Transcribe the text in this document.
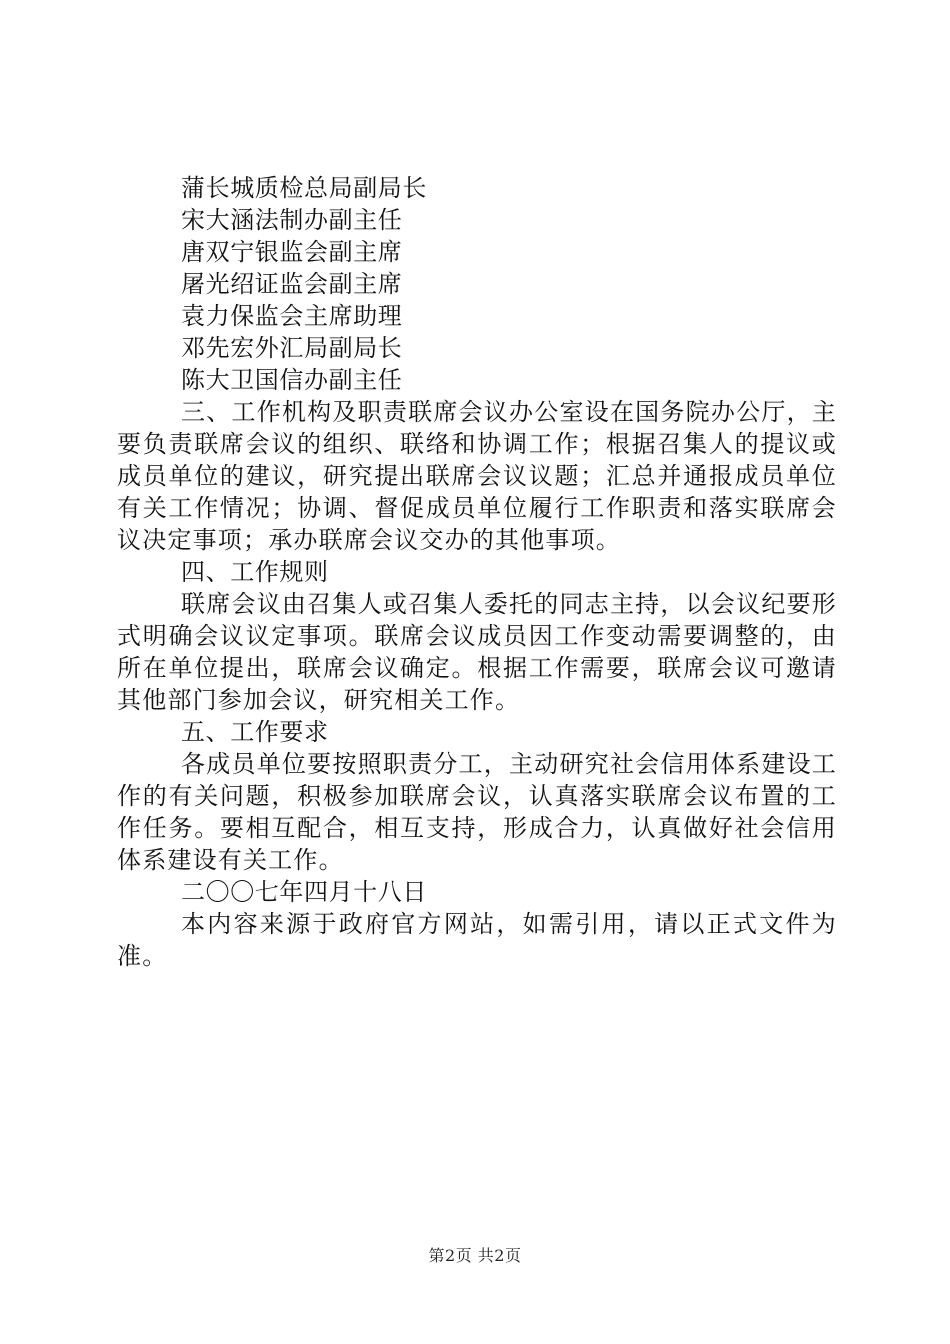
蒲长城质检总局副局长
宋大涵法制办副主任
唐双宁银监会副主席
屠光绍证监会副主席
袁力保监会主席助理
邓先宏外汇局副局长
陈大卫国信办副主任
三、工作机构及职责联席会议办公室设在国务院办公厅，主要负责联席会议的组织、联络和协调工作；根据召集人的提议或成员单位的建议，研究提出联席会议议题；汇总并通报成员单位有关工作情况；协调、督促成员单位履行工作职责和落实联席会议决定事项；承办联席会议交办的其他事项。
四、工作规则
联席会议由召集人或召集人委托的同志主持，以会议纪要形式明确会议议定事项。联席会议成员因工作变动需要调整的，由所在单位提出，联席会议确定。根据工作需要，联席会议可邀请其他部门参加会议，研究相关工作。
五、工作要求
各成员单位要按照职责分工，主动研究社会信用体系建设工作的有关问题，积极参加联席会议，认真落实联席会议布置的工作任务。要相互配合，相互支持，形成合力，认真做好社会信用体系建设有关工作。
二〇〇七年四月十八日
本内容来源于政府官方网站，如需引用，请以正式文件为准。
第2页 共2页
